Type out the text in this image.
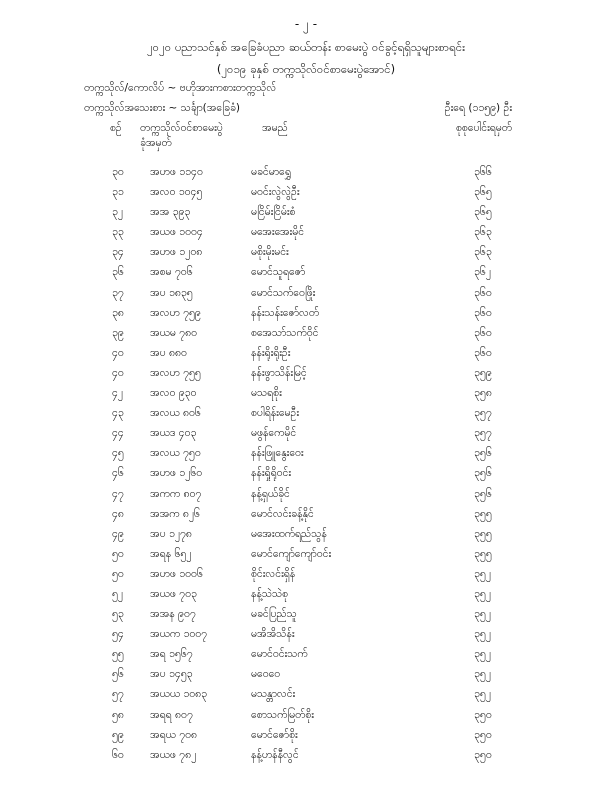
- ၂ -
၂၀၂၀ ပညာသင်နှစ် အခြေခံပညာ ဆယ်တန်း စာမေးပွဲ ဝင်ခွင့်ရရှိသူများစာရင်း
(၂၀၁၉ ခုနှစ် တက္ကသိုလ်ဝင်စာမေးပွဲအောင်)
တက္ကသိုလ်/ကောလိပ် ~ ဗဟိုအားကစားတက္ကသိုလ်
တက္ကသိုလ်အသေးစား ~ သင်္ချာ(အခြေခံ)	ဦးရေ (၁၁၅၉) ဦး
စဉ် တက္ကသိုလ်ဝင်စာမေးပွဲ
ခုံအမှတ်
အမည်	စုစုပေါင်းရမှတ်
၃၀ အဟဖ ၁၁၄၀	မခင်မာရွှေ	၃၆၆
၃၁ အလဝ ၁၀၄၅	မဝင်းလွဲလွဲဦး	၃၆၅
၃၂	အအ ၃၉၃	မငြိမ်းငြိမ်းစံ	၃၆၅
၃၃ အယဖ ၁၀၀၄	မအေးအေးမိုင်	၃၆၃
၃၄ အဟဖ ၁၂၀၈	မစိုးမိုးမင်း	၃၆၃
၃၆ အစမ ၇၀၆	မောင်သူရဇော်	၃၆၂
၃၇ အပ ၁၈၃၅	မောင်သက်ဝေဖြိုး	၃၆၀
၃၈ အလဟ ၇၅၉	နန်းသန်းဇော်လတ်	၃၆၀
၃၉ အယမ ၇၈၀	စအေသာ်သက်ဝိုင်	၃၆၀
၄၀ အပ ၈၈၀	နန်းရိုးရိုးဦး	၃၆၀
၄၀ အလဟ ၇၅၅	နန်းဖွာသိန်းမြင့်	၃၅၉
၄၂	အလဝ ၉၃၀	မသရစိုး	၃၅၈
၄၃ အလယ ၈၀၆	စပါရိန်းမေဦး	၃၅၇
၄၄ အယဒ ၄၀၃	မဖွန်ကေမိုင်	၃၅၇
၄၅ အလယ ၇၅၀	နန်းဖြူနွေးဝေး	၃၅၆
၄၆ အဟဖ ၁၂၆၀	နန်းရှိုရိုဝင်း	၃၅၆
၄၇ အကက ၈၀၇	နန့်ရှယ်ခိုင်	၃၅၆
၄၈ အအက ၈၂၆	မောင်လင်းခန့်နိုင်	၃၅၅
၄၉ အပ ၁၂၇၈	မအေးထက်ရည်သွန်	၃၅၅
၅၀ အရန ၆၅၂	မောင်ကျော်ကျော်ဝင်း	၃၅၅
၅၀ အဟဖ ၁၀၀၆	စိုင်းလင်းရှိန်	၃၅၂
၅၂	အယဖ ၇၀၃	နန့်သဲသဲစု	၃၅၂
၅၃ အအန ၉၀၇	မခင်ပြည်သူ	၃၅၂
၅၄ အယက ၁၀၀၇	မအိအိသိန်း	၃၅၂
၅၅ အရ ၁၅၆၇	မောင်ဝင်းသက်	၃၅၂
၅၆ အပ ၁၄၅၃	မဝေဝေ	၃၅၂
၅၇ အယယ ၁၀၈၃	မသန္တာလင်း	၃၅၂
၅၈ အရရ ၈၀၇	စောသက်မြတ်စိုး	၃၅၀
၅၉ အရယ ၇၀၈	မောင်ဇော်စိုး	၃၅၀
၆၀ အယဖ ၇၈၂	နန့်ဟန်နီလွင်	၃၅၀
